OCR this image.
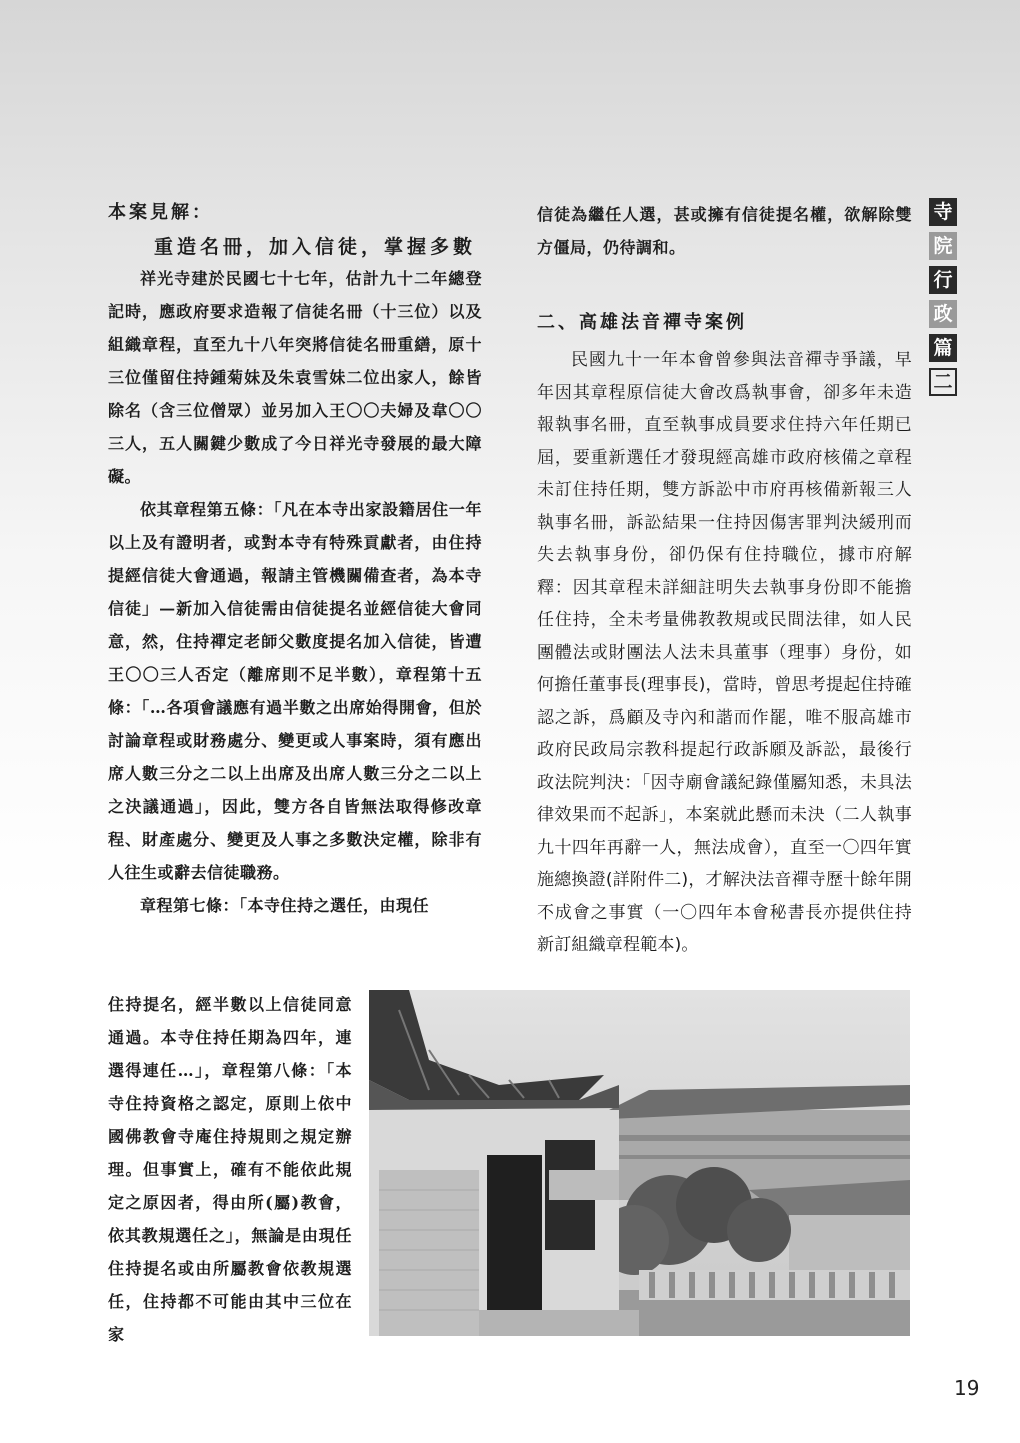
本案見解：

重造名冊，加入信徒，掌握多數

祥光寺建於民國七十七年，估計九十二年總登記時，應政府要求造報了信徒名冊（十三位）以及組織章程，直至九十八年突將信徒名冊重繕，原十三位僅留住持鍾菊妹及朱袁雪妹二位出家人，餘皆除名（含三位僧眾）並另加入王〇〇夫婦及韋〇〇三人，五人關鍵少數成了今日祥光寺發展的最大障礙。

依其章程第五條：「凡在本寺出家設籍居住一年以上及有證明者，或對本寺有特殊貢獻者，由住持提經信徒大會通過，報請主管機關備查者，為本寺信徒」—新加入信徒需由信徒提名並經信徒大會同意，然，住持禪定老師父數度提名加入信徒，皆遭王〇〇三人否定（離席則不足半數），章程第十五條：「…各項會議應有過半數之出席始得開會，但於討論章程或財務處分、變更或人事案時，須有應出席人數三分之二以上出席及出席人數三分之二以上之決議通過」，因此，雙方各自皆無法取得修改章程、財產處分、變更及人事之多數決定權，除非有人往生或辭去信徒職務。

章程第七條：「本寺住持之選任，由現任

住持提名，經半數以上信徒同意通過。本寺住持任期為四年，連選得連任…」，章程第八條：「本寺住持資格之認定，原則上依中國佛教會寺庵住持規則之規定辦理。但事實上，確有不能依此規定之原因者，得由所(屬)教會，依其教規選任之」，無論是由現任住持提名或由所屬教會依教規選任，住持都不可能由其中三位在家

信徒為繼任人選，甚或擁有信徒提名權，欲解除雙方僵局，仍待調和。

二、高雄法音禪寺案例

民國九十一年本會曾參與法音禪寺爭議，早年因其章程原信徒大會改爲執事會，卻多年未造報執事名冊，直至執事成員要求住持六年任期已屆，要重新選任才發現經高雄市政府核備之章程未訂住持任期，雙方訴訟中市府再核備新報三人執事名冊，訴訟結果一住持因傷害罪判決緩刑而失去執事身份，卻仍保有住持職位，據市府解釋：因其章程未詳細註明失去執事身份即不能擔任住持，全未考量佛教教規或民間法律，如人民團體法或財團法人法未具董事（理事）身份，如何擔任董事長(理事長)，當時，曾思考提起住持確認之訴，爲顧及寺內和諧而作罷，唯不服高雄市政府民政局宗教科提起行政訴願及訴訟，最後行政法院判決：「因寺廟會議紀錄僅屬知悉，未具法律效果而不起訴」，本案就此懸而未決（二人執事九十四年再辭一人，無法成會），直至一〇四年實施總換證(詳附件二)，才解決法音禪寺歷十餘年開不成會之事實（一〇四年本會秘書長亦提供住持新訂組織章程範本)。

寺
院
行
政
篇
二
19
